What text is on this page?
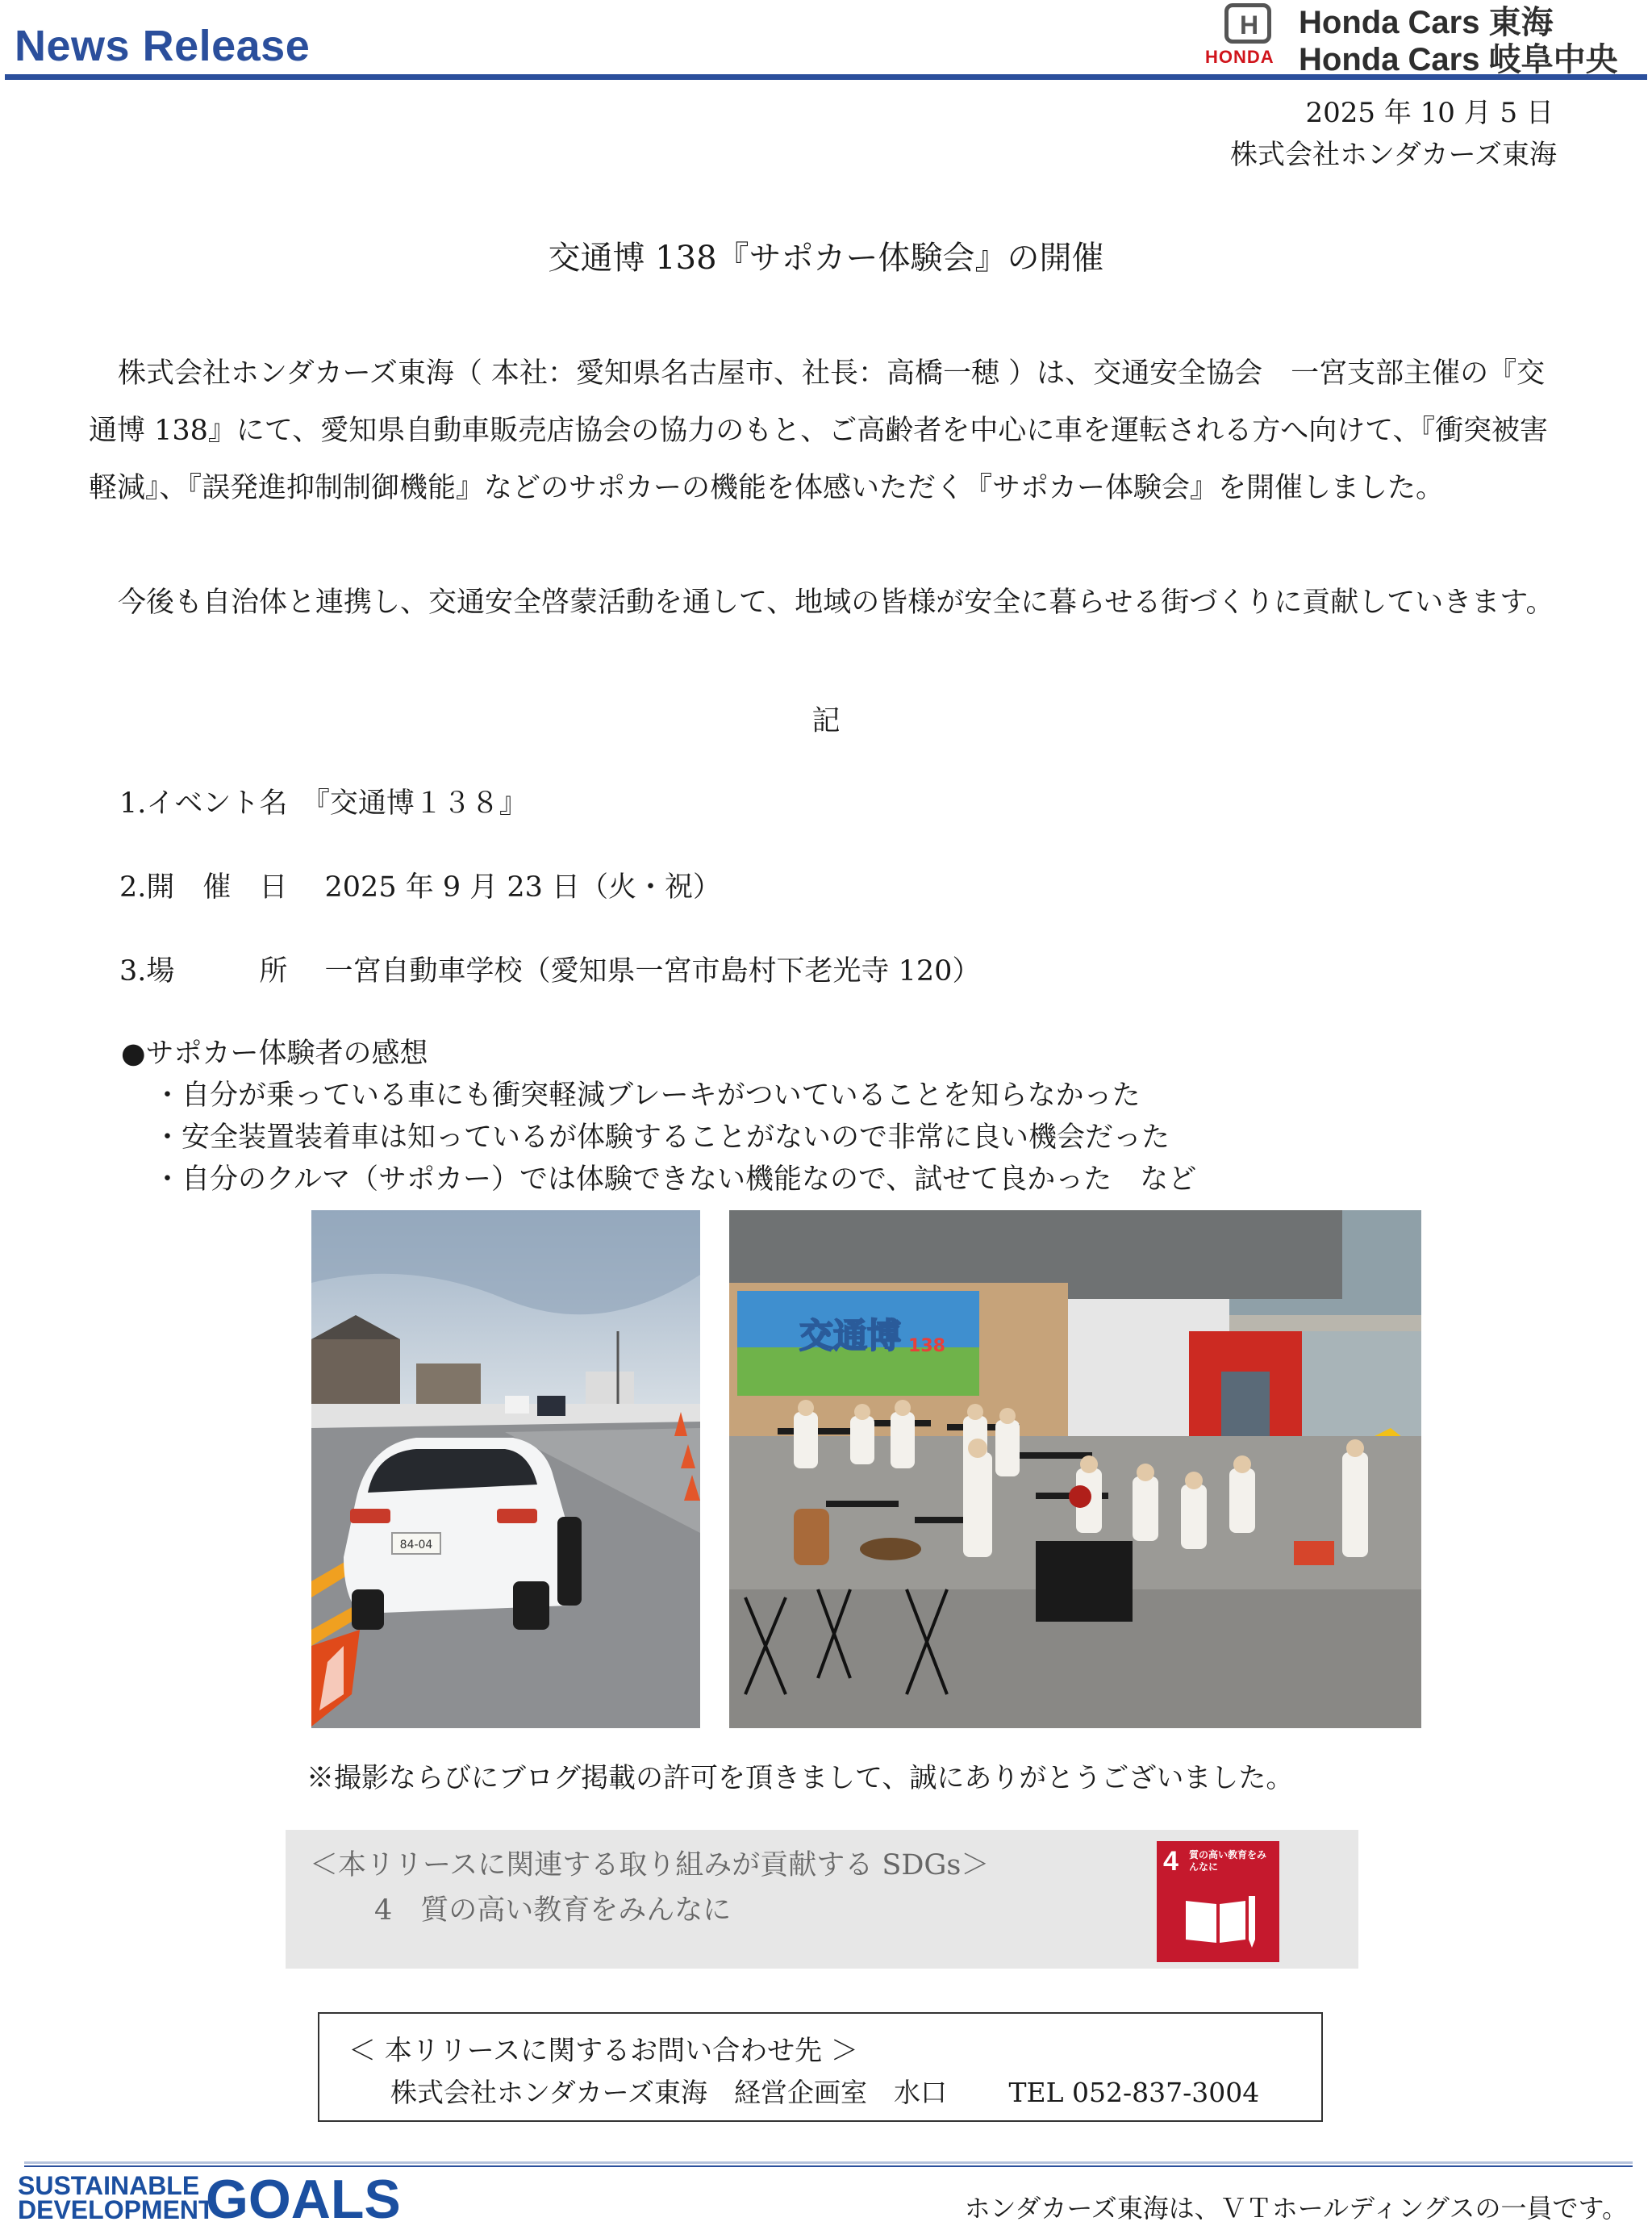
News Release	H
HONDA
Honda Cars 東海
Honda Cars 岐阜中央
2025 年 10 月 5 日
株式会社ホンダカーズ東海
交通博 138『サポカー体験会』の開催
株式会社ホンダカーズ東海（ 本社：愛知県名古屋市、社長：高橋一穂 ）は、交通安全協会　一宮支部主催の『交通博 138』にて、愛知県自動車販売店協会の協力のもと、ご高齢者を中心に車を運転される方へ向けて、『衝突被害軽減』、『誤発進抑制制御機能』などのサポカーの機能を体感いただく『サポカー体験会』を開催しました。
今後も自治体と連携し、交通安全啓蒙活動を通して、地域の皆様が安全に暮らせる街づくりに貢献していきます。
記
1.イベント名　『交通博１３８』
2.開　催　日　 2025 年 9 月 23 日（火・祝）
3.場　　　所　 一宮自動車学校（愛知県一宮市島村下老光寺 120）
●サポカー体験者の感想
・自分が乗っている車にも衝突軽減ブレーキがついていることを知らなかった
・安全装置装着車は知っているが体験することがないので非常に良い機会だった
・自分のクルマ（サポカー）では体験できない機能なので、試せて良かった　など
84-04
交通博 138
※撮影ならびにブログ掲載の許可を頂きまして、誠にありがとうございました。
＜本リリースに関連する取り組みが貢献する SDGs＞
4　質の高い教育をみんなに
4 質の高い教育をみんなに
＜ 本リリースに関するお問い合わせ先 ＞
株式会社ホンダカーズ東海　経営企画室　水口　　 TEL 052-837-3004
SUSTAINABLE
DEVELOPMENT
GOALS	ホンダカーズ東海は、ＶＴホールディングスの一員です。
